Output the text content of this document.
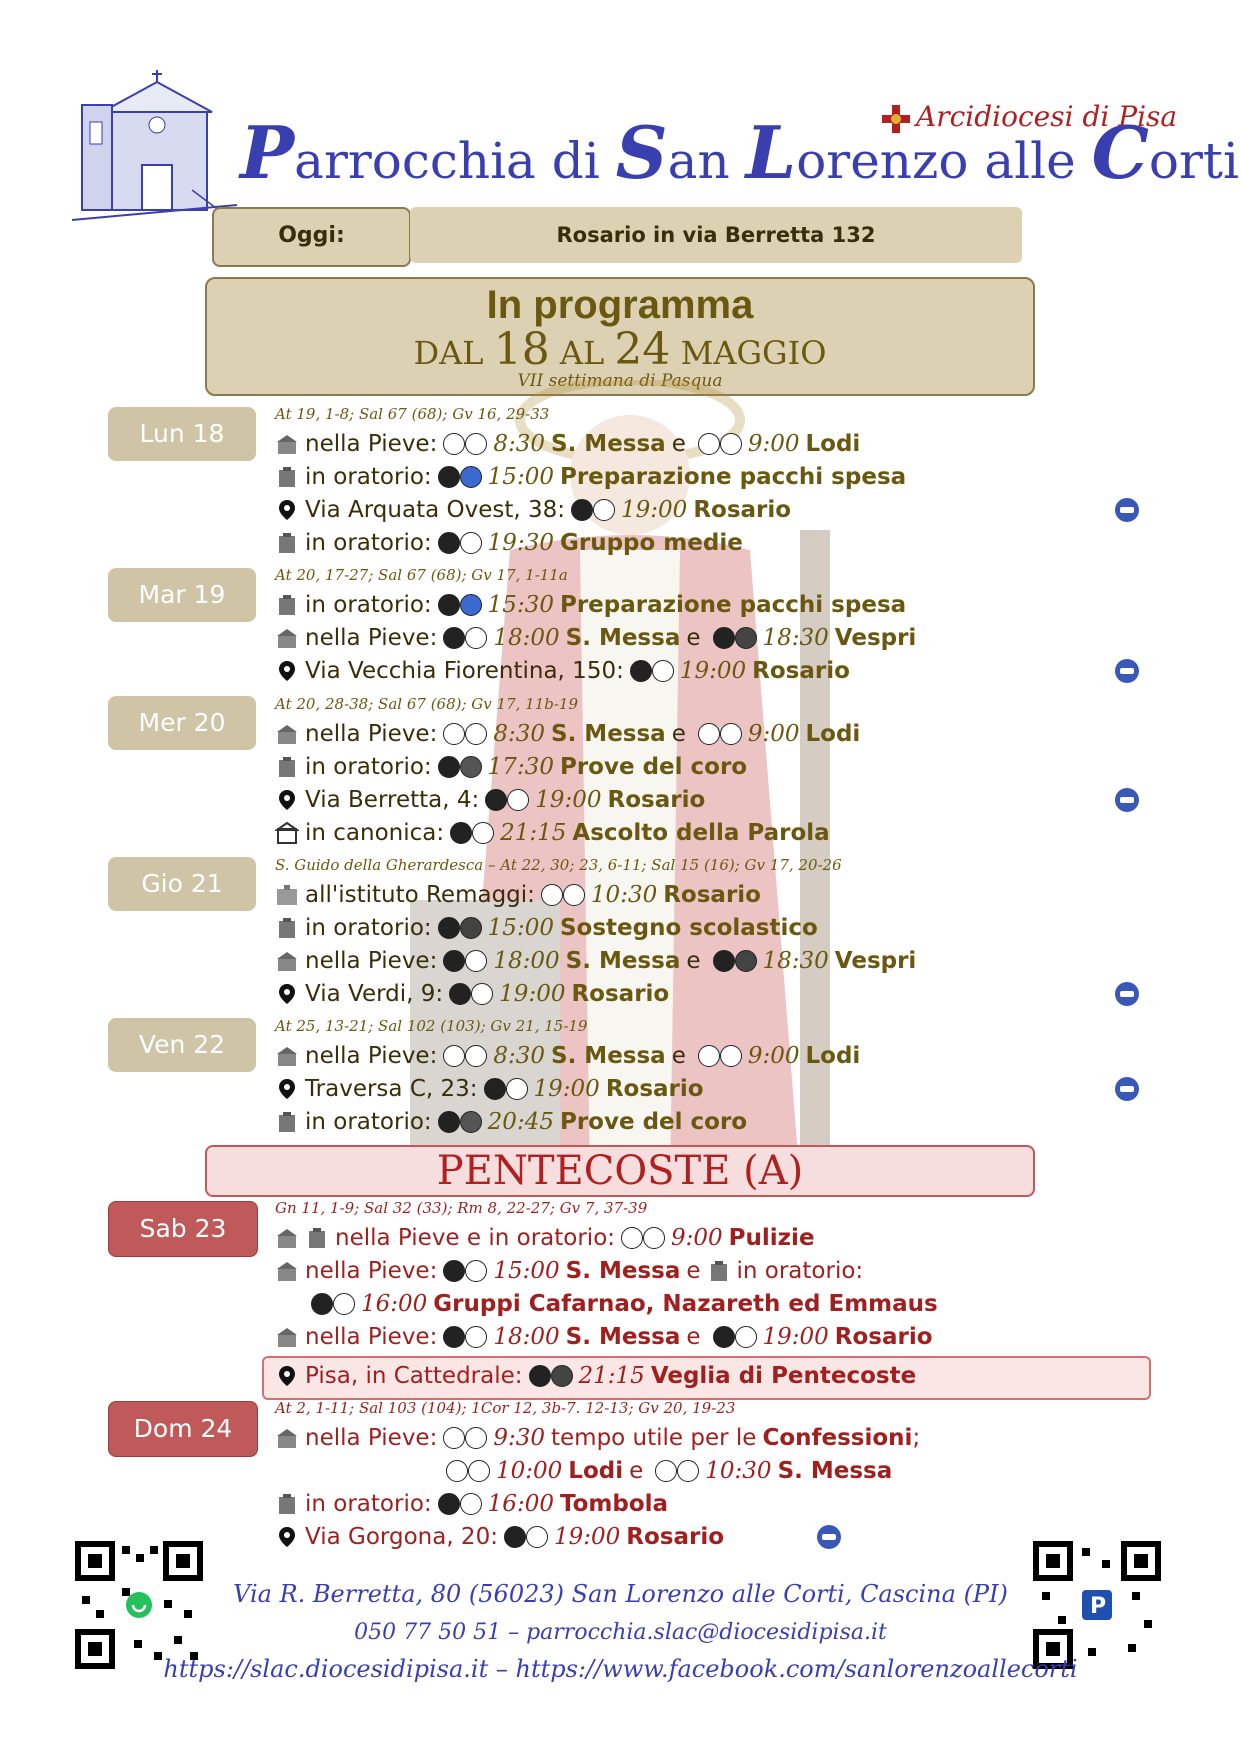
Arcidiocesi di Pisa
Parrocchia di San Lorenzo alle Corti
Oggi:	Rosario in via Berretta 132
In programma
DAL 18 AL 24 MAGGIO
VII settimana di Pasqua
Lun 18
At 19, 1-8; Sal 67 (68); Gv 16, 29-33
nella Pieve: 8:30 S. Messa e	9:00 Lodi
in oratorio: 15:00 Preparazione pacchi spesa
Via Arquata Ovest, 38: 19:00 Rosario
in oratorio: 19:30 Gruppo medie
Mar 19
At 20, 17-27; Sal 67 (68); Gv 17, 1-11a
in oratorio: 15:30 Preparazione pacchi spesa
nella Pieve: 18:00 S. Messa e	18:30 Vespri
Via Vecchia Fiorentina, 150: 19:00 Rosario
Mer 20
At 20, 28-38; Sal 67 (68); Gv 17, 11b-19
nella Pieve: 8:30 S. Messa e	9:00 Lodi
in oratorio: 17:30 Prove del coro
Via Berretta, 4: 19:00 Rosario
in canonica: 21:15 Ascolto della Parola
Gio 21
S. Guido della Gherardesca – At 22, 30; 23, 6-11; Sal 15 (16); Gv 17, 20-26
all'istituto Remaggi: 10:30 Rosario
in oratorio: 15:00 Sostegno scolastico
nella Pieve: 18:00 S. Messa e	18:30 Vespri
Via Verdi, 9: 19:00 Rosario
Ven 22
At 25, 13-21; Sal 102 (103); Gv 21, 15-19
nella Pieve: 8:30 S. Messa e	9:00 Lodi
Traversa C, 23: 19:00 Rosario
in oratorio: 20:45 Prove del coro
PENTECOSTE (A)
Sab 23
Gn 11, 1-9; Sal 32 (33); Rm 8, 22-27; Gv 7, 37-39
nella Pieve e in oratorio: 9:00 Pulizie
nella Pieve: 15:00 S. Messa e in oratorio:
16:00 Gruppi Cafarnao, Nazareth ed Emmaus
nella Pieve: 18:00 S. Messa e	19:00 Rosario
Pisa, in Cattedrale: 21:15 Veglia di Pentecoste
Dom 24
At 2, 1-11; Sal 103 (104); 1Cor 12, 3b-7. 12-13; Gv 20, 19-23
nella Pieve: 9:30 tempo utile per le Confessioni ;
10:00 Lodi e	10:30 S. Messa
in oratorio: 16:00 Tombola
Via Gorgona, 20: 19:00 Rosario
P
Via R. Berretta, 80 (56023) San Lorenzo alle Corti, Cascina (PI)
050 77 50 51 – parrocchia.slac@diocesidipisa.it
https://slac.diocesidipisa.it – https://www.facebook.com/sanlorenzoallecorti
